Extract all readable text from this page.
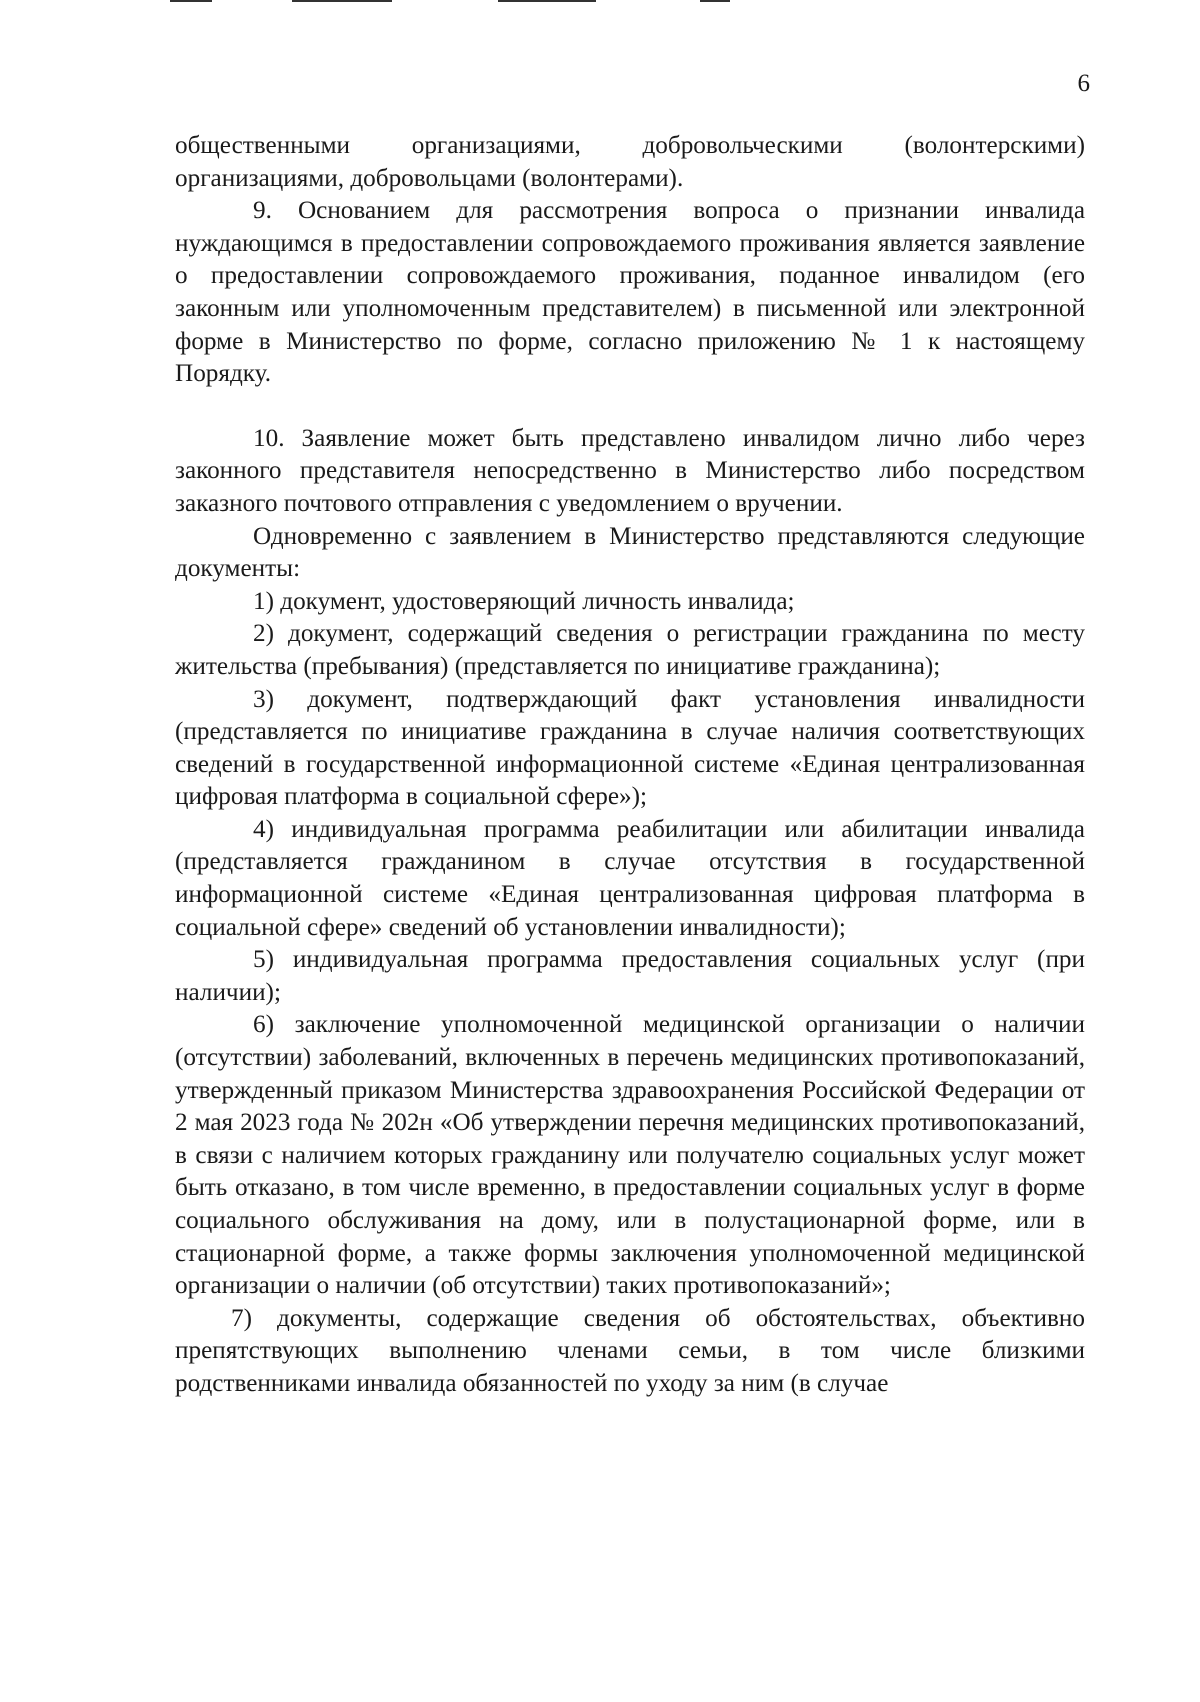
6

общественными организациями, добровольческими (волонтерскими) организациями, добровольцами (волонтерами).

9. Основанием для рассмотрения вопроса о признании инвалида нуждающимся в предоставлении сопровождаемого проживания является заявление о предоставлении сопровождаемого проживания, поданное инвалидом (его законным или уполномоченным представителем) в письменной или электронной форме в Министерство по форме, согласно приложению № 1 к настоящему Порядку.

10. Заявление может быть представлено инвалидом лично либо через законного представителя непосредственно в Министерство либо посредством заказного почтового отправления с уведомлением о вручении.

Одновременно с заявлением в Министерство представляются следующие документы:

1) документ, удостоверяющий личность инвалида;

2) документ, содержащий сведения о регистрации гражданина по месту жительства (пребывания) (представляется по инициативе гражданина);

3) документ, подтверждающий факт установления инвалидности (представляется по инициативе гражданина в случае наличия соответствующих сведений в государственной информационной системе «Единая централизованная цифровая платформа в социальной сфере»);

4) индивидуальная программа реабилитации или абилитации инвалида (представляется гражданином в случае отсутствия в государственной информационной системе «Единая централизованная цифровая платформа в социальной сфере» сведений об установлении инвалидности);

5) индивидуальная программа предоставления социальных услуг (при наличии);

6) заключение уполномоченной медицинской организации о наличии (отсутствии) заболеваний, включенных в перечень медицинских противопоказаний, утвержденный приказом Министерства здравоохранения Российской Федерации от 2 мая 2023 года № 202н «Об утверждении перечня медицинских противопоказаний, в связи с наличием которых гражданину или получателю социальных услуг может быть отказано, в том числе временно, в предоставлении социальных услуг в форме социального обслуживания на дому, или в полустационарной форме, или в стационарной форме, а также формы заключения уполномоченной медицинской организации о наличии (об отсутствии) таких противопоказаний»;

7) документы, содержащие сведения об обстоятельствах, объективно препятствующих выполнению членами семьи, в том числе близкими родственниками инвалида обязанностей по уходу за ним (в случае
